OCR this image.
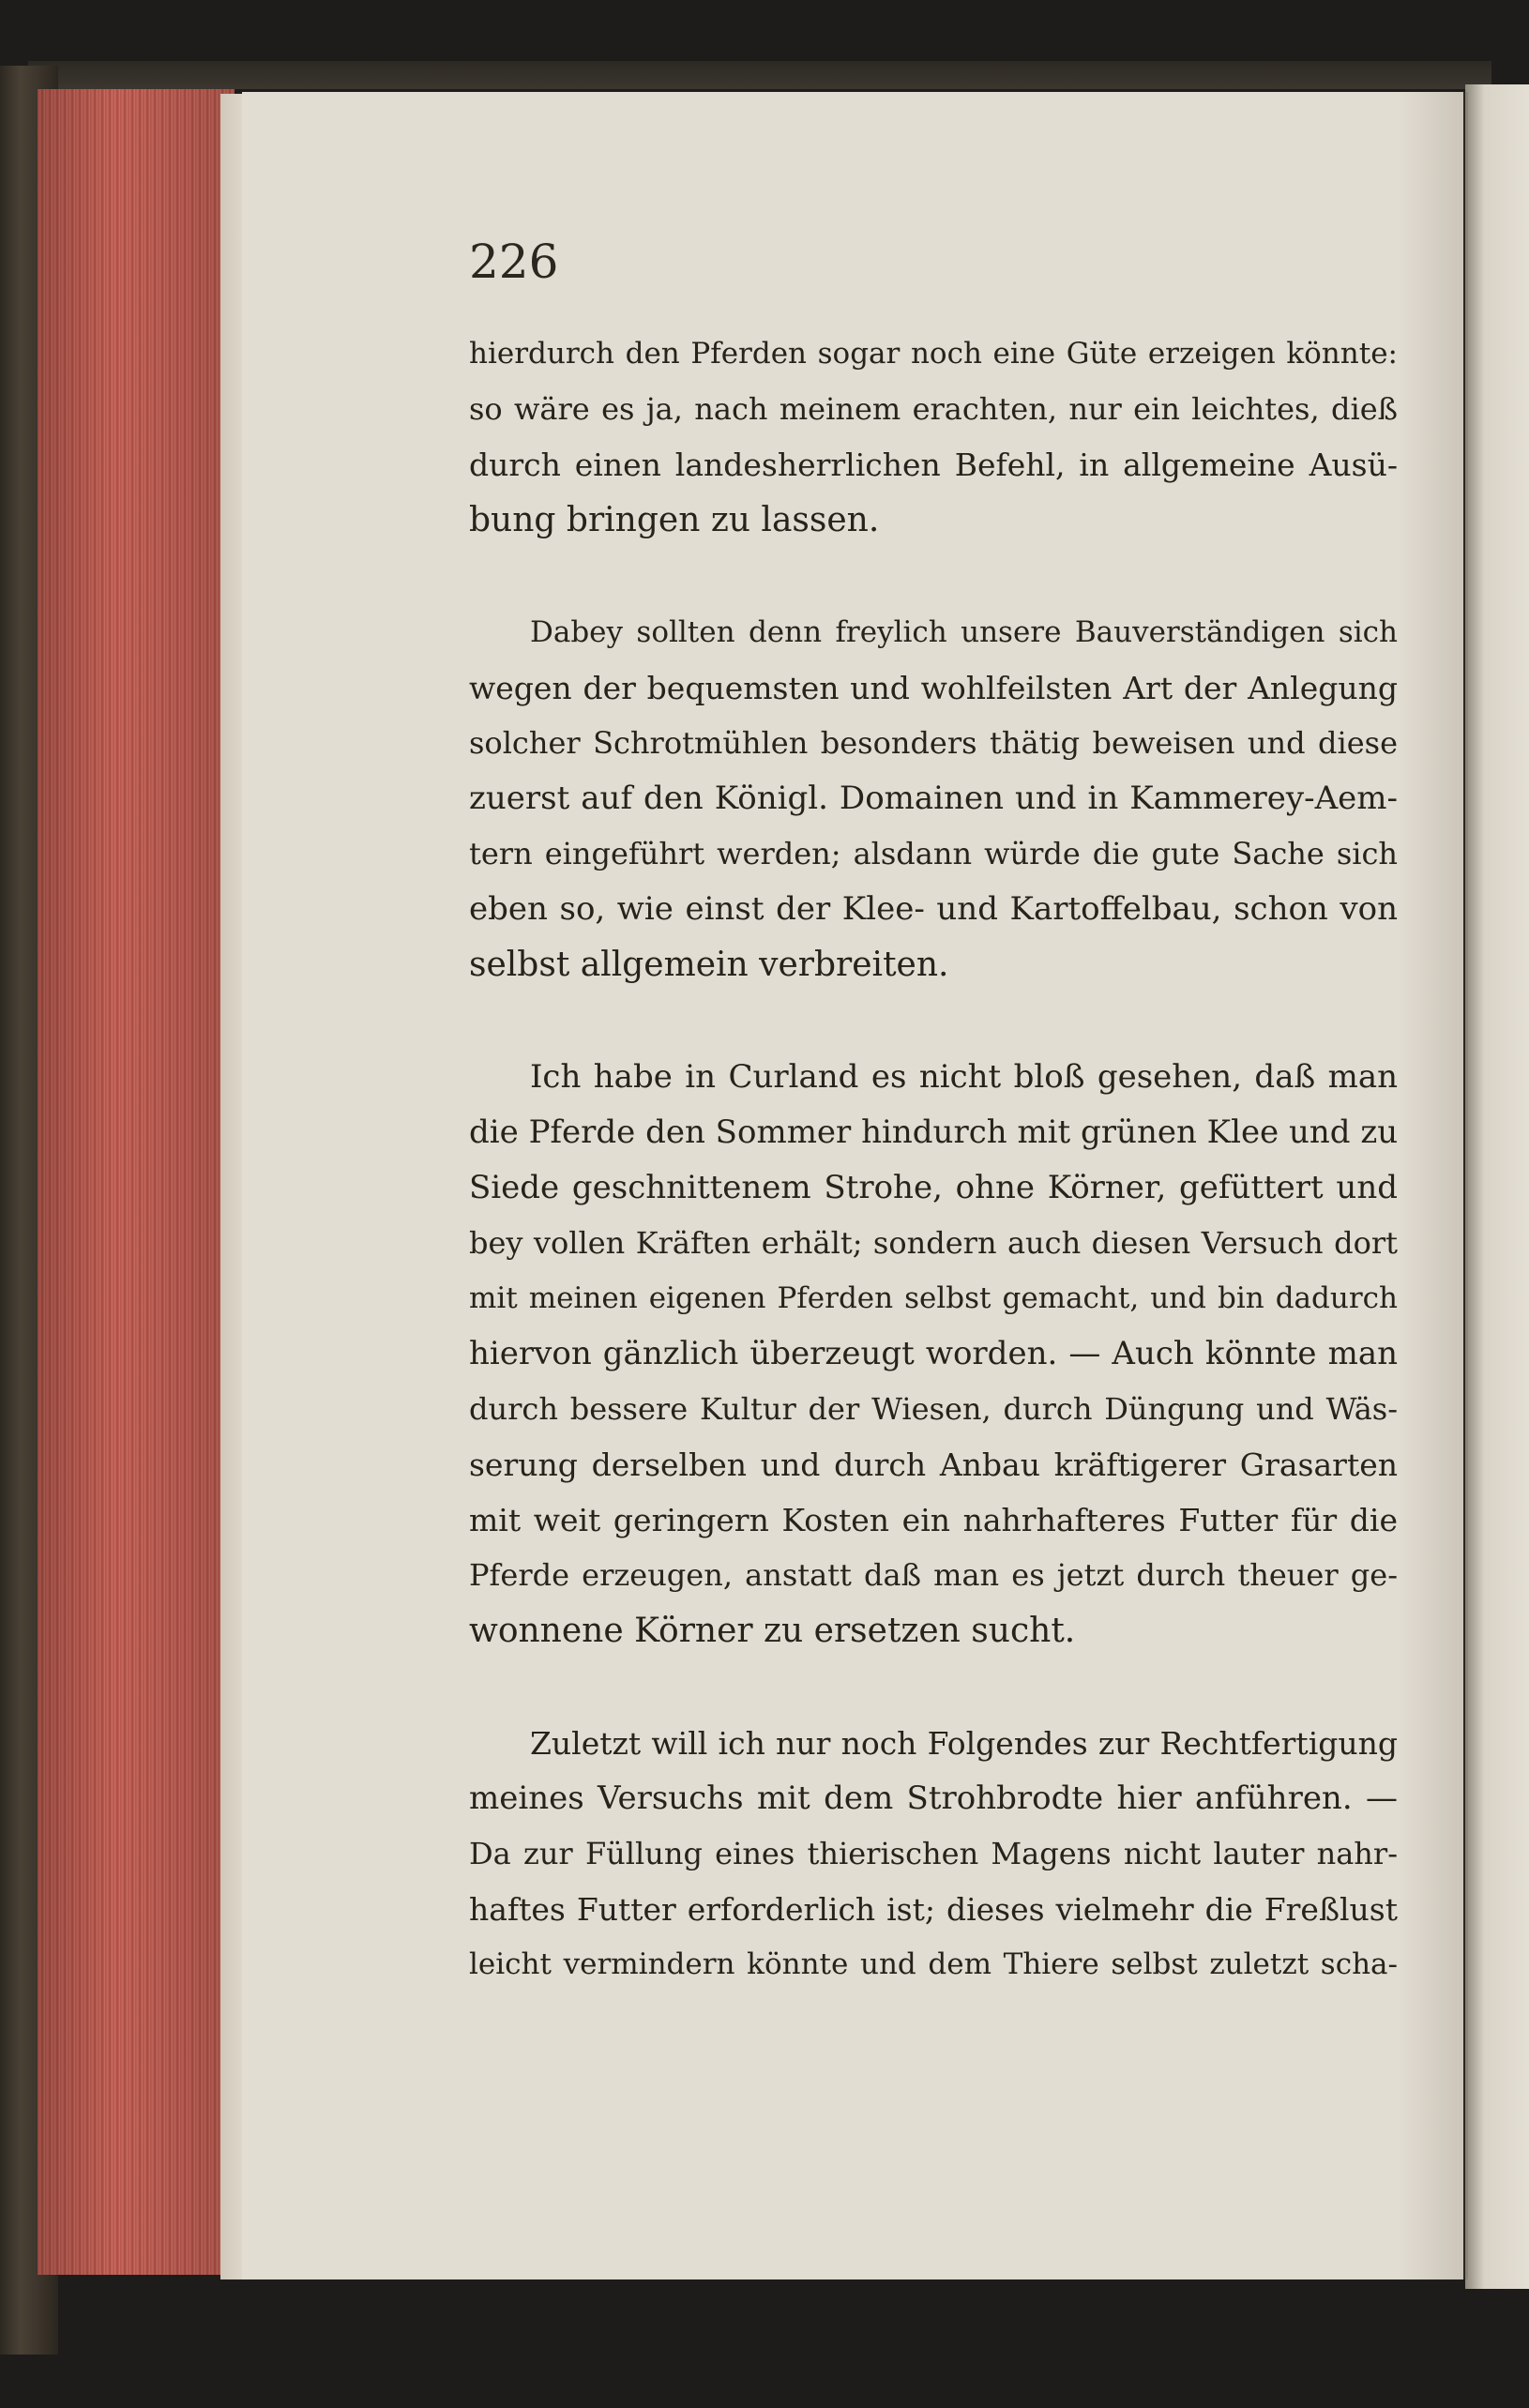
226

hierdurch den Pferden sogar noch eine Güte erzeigen könnte:

so wäre es ja, nach meinem erachten, nur ein leichtes, dieß

durch einen landesherrlichen Befehl, in allgemeine Ausü-

bung bringen zu lassen.

Dabey sollten denn freylich unsere Bauverständigen sich

wegen der bequemsten und wohlfeilsten Art der Anlegung

solcher Schrotmühlen besonders thätig beweisen und diese

zuerst auf den Königl. Domainen und in Kammerey-Aem-

tern eingeführt werden; alsdann würde die gute Sache sich

eben so, wie einst der Klee- und Kartoffelbau, schon von

selbst allgemein verbreiten.

Ich habe in Curland es nicht bloß gesehen, daß man

die Pferde den Sommer hindurch mit grünen Klee und zu

Siede geschnittenem Strohe, ohne Körner, gefüttert und

bey vollen Kräften erhält; sondern auch diesen Versuch dort

mit meinen eigenen Pferden selbst gemacht, und bin dadurch

hiervon gänzlich überzeugt worden. — Auch könnte man

durch bessere Kultur der Wiesen, durch Düngung und Wäs-

serung derselben und durch Anbau kräftigerer Grasarten

mit weit geringern Kosten ein nahrhafteres Futter für die

Pferde erzeugen, anstatt daß man es jetzt durch theuer ge-

wonnene Körner zu ersetzen sucht.

Zuletzt will ich nur noch Folgendes zur Rechtfertigung

meines Versuchs mit dem Strohbrodte hier anführen. —

Da zur Füllung eines thierischen Magens nicht lauter nahr-

haftes Futter erforderlich ist; dieses vielmehr die Freßlust

leicht vermindern könnte und dem Thiere selbst zuletzt scha-
